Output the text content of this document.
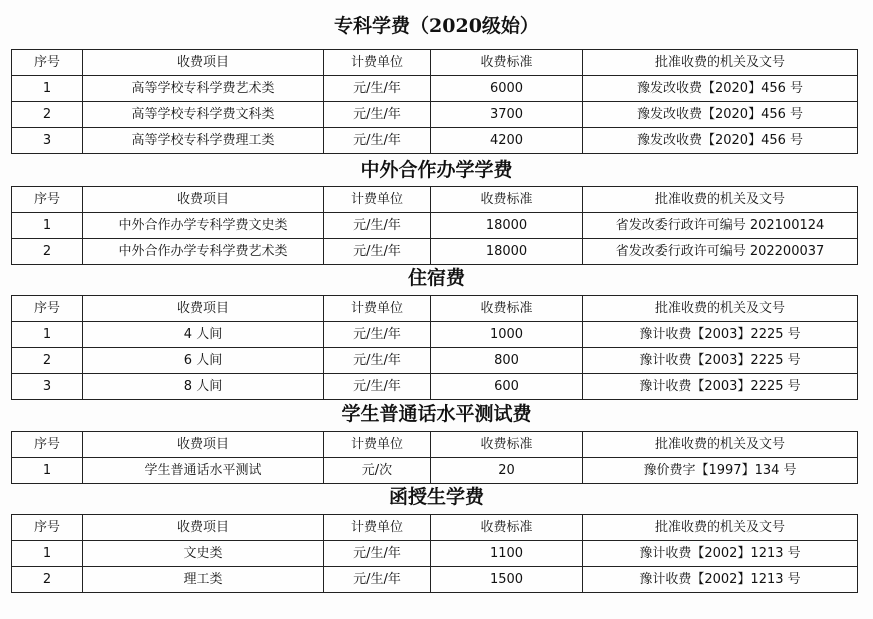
专科学费（2020级始）
序号	收费项目	计费单位	收费标准	批准收费的机关及文号
1	高等学校专科学费艺术类	元/生/年	6000	豫发改收费【2020】456 号
2	高等学校专科学费文科类	元/生/年	3700	豫发改收费【2020】456 号
3	高等学校专科学费理工类	元/生/年	4200	豫发改收费【2020】456 号
中外合作办学学费
序号	收费项目	计费单位	收费标准	批准收费的机关及文号
1	中外合作办学专科学费文史类	元/生/年	18000	省发改委行政许可编号 202100124
2	中外合作办学专科学费艺术类	元/生/年	18000	省发改委行政许可编号 202200037
住宿费
序号	收费项目	计费单位	收费标准	批准收费的机关及文号
1	4 人间	元/生/年	1000	豫计收费【2003】2225 号
2	6 人间	元/生/年	800	豫计收费【2003】2225 号
3	8 人间	元/生/年	600	豫计收费【2003】2225 号
学生普通话水平测试费
序号	收费项目	计费单位	收费标准	批准收费的机关及文号
1	学生普通话水平测试	元/次	20	豫价费字【1997】134 号
函授生学费
序号	收费项目	计费单位	收费标准	批准收费的机关及文号
1	文史类	元/生/年	1100	豫计收费【2002】1213 号
2	理工类	元/生/年	1500	豫计收费【2002】1213 号
